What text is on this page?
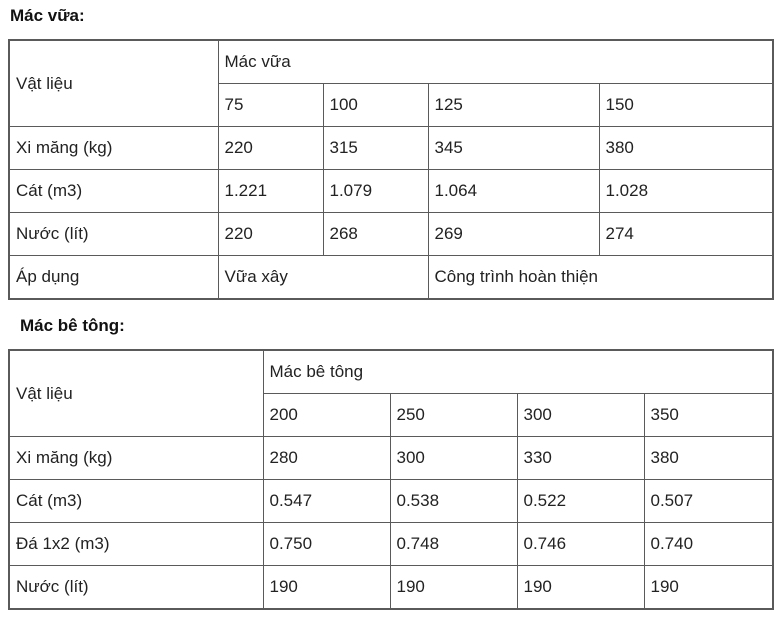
Mác vữa:
Vật liệu	Mác vữa			
	75	100	125	150
Xi măng (kg)	220	315	345	380
Cát (m3)	1.221	1.079	1.064	1.028
Nước (lít)	220	268	269	274
Áp dụng	Vữa xây		Công trình hoàn thiện	
Mác bê tông:
Vật liệu	Mác bê tông			
	200	250	300	350
Xi măng (kg)	280	300	330	380
Cát (m3)	0.547	0.538	0.522	0.507
Đá 1x2 (m3)	0.750	0.748	0.746	0.740
Nước (lít)	190	190	190	190
